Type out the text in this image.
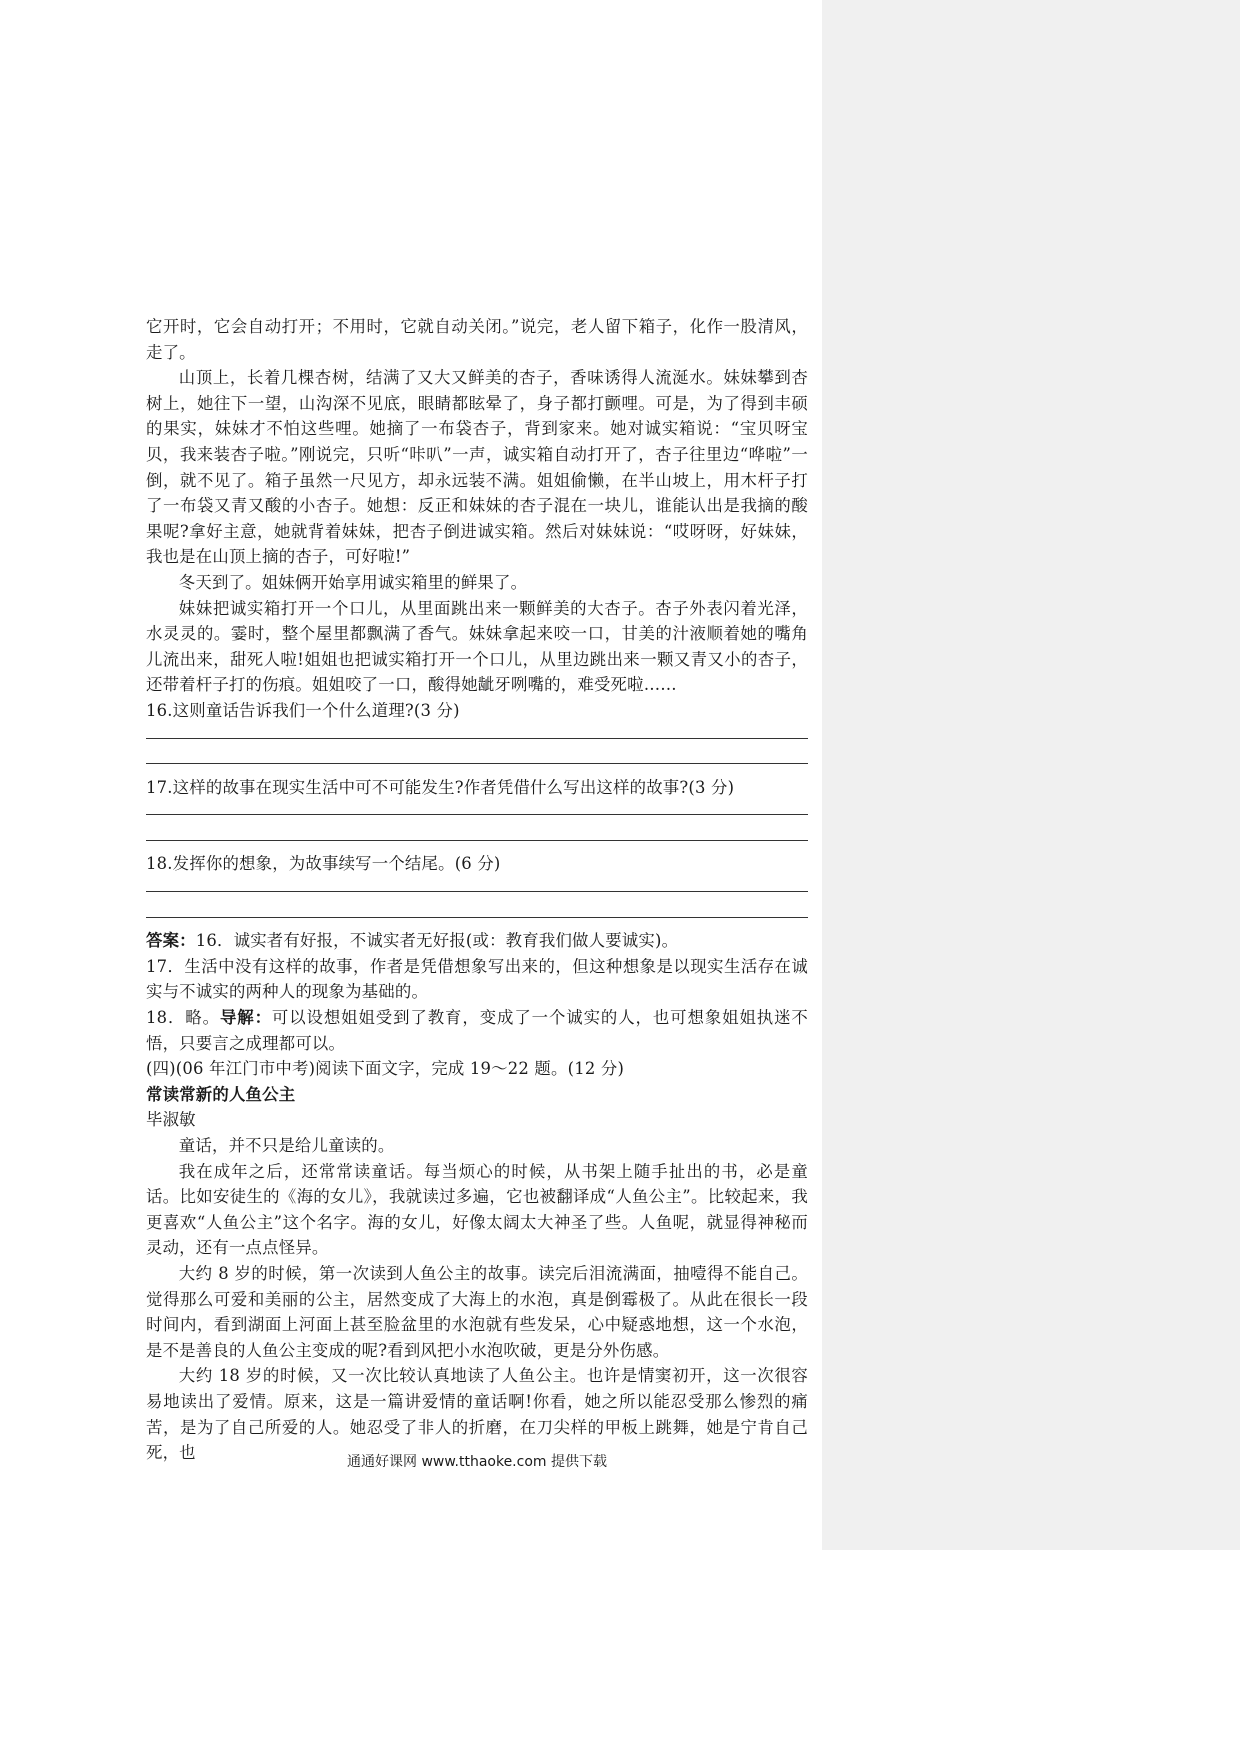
它开时，它会自动打开；不用时，它就自动关闭。”说完，老人留下箱子，化作一股清风，走了。

山顶上，长着几棵杏树，结满了又大又鲜美的杏子，香味诱得人流涎水。妹妹攀到杏树上，她往下一望，山沟深不见底，眼睛都眩晕了，身子都打颤哩。可是，为了得到丰硕的果实，妹妹才不怕这些哩。她摘了一布袋杏子，背到家来。她对诚实箱说：“宝贝呀宝贝，我来装杏子啦。”刚说完，只听“咔叭”一声，诚实箱自动打开了，杏子往里边“哗啦”一倒，就不见了。箱子虽然一尺见方，却永远装不满。姐姐偷懒，在半山坡上，用木杆子打了一布袋又青又酸的小杏子。她想：反正和妹妹的杏子混在一块儿，谁能认出是我摘的酸果呢?拿好主意，她就背着妹妹，把杏子倒进诚实箱。然后对妹妹说：“哎呀呀，好妹妹，我也是在山顶上摘的杏子，可好啦!”

冬天到了。姐妹俩开始享用诚实箱里的鲜果了。

妹妹把诚实箱打开一个口儿，从里面跳出来一颗鲜美的大杏子。杏子外表闪着光泽，水灵灵的。霎时，整个屋里都飘满了香气。妹妹拿起来咬一口，甘美的汁液顺着她的嘴角儿流出来，甜死人啦!姐姐也把诚实箱打开一个口儿，从里边跳出来一颗又青又小的杏子，还带着杆子打的伤痕。姐姐咬了一口，酸得她龇牙咧嘴的，难受死啦……

16.这则童话告诉我们一个什么道理?(3 分)

17.这样的故事在现实生活中可不可能发生?作者凭借什么写出这样的故事?(3 分)

18.发挥你的想象，为故事续写一个结尾。(6 分)

答案：16．诚实者有好报，不诚实者无好报(或：教育我们做人要诚实)。

17．生活中没有这样的故事，作者是凭借想象写出来的，但这种想象是以现实生活存在诚实与不诚实的两种人的现象为基础的。

18．略。导解：可以设想姐姐受到了教育，变成了一个诚实的人，也可想象姐姐执迷不悟，只要言之成理都可以。

(四)(06 年江门市中考)阅读下面文字，完成 19～22 题。(12 分)

常读常新的人鱼公主

毕淑敏

童话，并不只是给儿童读的。

我在成年之后，还常常读童话。每当烦心的时候，从书架上随手扯出的书，必是童话。比如安徒生的《海的女儿》，我就读过多遍，它也被翻译成“人鱼公主”。比较起来，我更喜欢“人鱼公主”这个名字。海的女儿，好像太阔太大神圣了些。人鱼呢，就显得神秘而灵动，还有一点点怪异。

大约 8 岁的时候，第一次读到人鱼公主的故事。读完后泪流满面，抽噎得不能自己。觉得那么可爱和美丽的公主，居然变成了大海上的水泡，真是倒霉极了。从此在很长一段时间内，看到湖面上河面上甚至脸盆里的水泡就有些发呆，心中疑惑地想，这一个水泡，是不是善良的人鱼公主变成的呢?看到风把小水泡吹破，更是分外伤感。

大约 18 岁的时候，又一次比较认真地读了人鱼公主。也许是情窦初开，这一次很容易地读出了爱情。原来，这是一篇讲爱情的童话啊!你看，她之所以能忍受那么惨烈的痛苦，是为了自己所爱的人。她忍受了非人的折磨，在刀尖样的甲板上跳舞，她是宁肯自己死，也	通通好课网 www.tthaoke.com 提供下载
